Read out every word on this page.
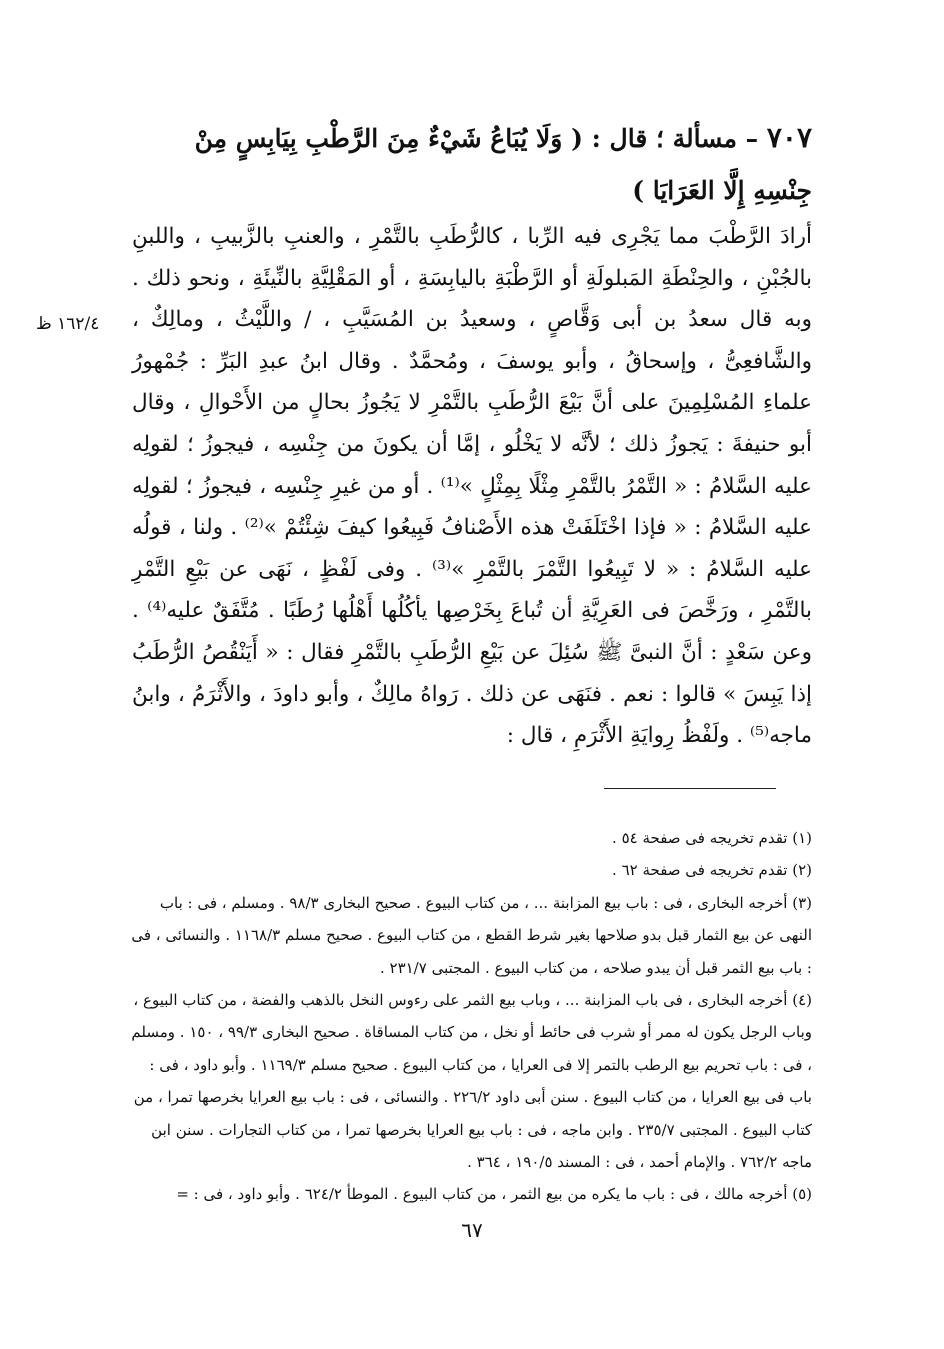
٧٠٧ – مسألة ؛ قال : ( وَلَا يُبَاعُ شَيْءٌ مِنَ الرَّطْبِ بِيَابِسٍ مِنْ جِنْسِهِ إِلَّا العَرَايَا )
١٦٢/٤ ظ

أرادَ الرَّطْبَ مما يَجْرِى فيه الرِّبا ، كالرُّطَبِ بالتَّمْرِ ، والعنبِ بالزَّبيبِ ، واللبنِ بالجُبْنِ ، والحِنْطَةِ المَبلولَةِ أو الرَّطْبَةِ باليابِسَةِ ، أو المَقْلِيَّةِ بالنِّيئَةِ ، ونحو ذلك . وبه قال سعدُ بن أبى وَقَّاصٍ ، وسعيدُ بن المُسَيَّبِ ، / واللَّيْثُ ، ومالِكٌ ، والشَّافعِىُّ ، وإسحاقُ ، وأبو يوسفَ ، ومُحمَّدٌ . وقال ابنُ عبدِ البَرِّ : جُمْهورُ علماءِ المُسْلِمِينَ على أنَّ بَيْعَ الرُّطَبِ بالتَّمْرِ لا يَجُوزُ بحالٍ من الأَحْوالِ ، وقال أبو حنيفةَ : يَجوزُ ذلك ؛ لأنَّه لا يَخْلُو ، إمَّا أن يكونَ من جِنْسِه ، فيجوزُ ؛ لقولِه عليه السَّلامُ : « التَّمْرُ بالتَّمْرِ مِثْلًا بِمِثْلٍ »⁽¹⁾ . أو من غيرِ جِنْسِه ، فيجوزُ ؛ لقولِه عليه السَّلامُ : « فإذا اخْتَلَفَتْ هذه الأَصْنافُ فَبِيعُوا كيفَ شِئْتُمْ »⁽²⁾ . ولنا ، قولُه عليه السَّلامُ : « لا تَبِيعُوا التَّمْرَ بالتَّمْرِ »⁽³⁾ . وفى لَفْظٍ ، نَهَى عن بَيْعِ التَّمْرِ بالتَّمْرِ ، ورَخَّصَ فى العَرِيَّةِ أن تُباعَ بِخَرْصِها يأكُلُها أَهْلُها رُطَبًا . مُتَّفَقٌ عليه⁽⁴⁾ . وعن سَعْدٍ : أنَّ النبىَّ ﷺ سُئِلَ عن بَيْعِ الرُّطَبِ بالتَّمْرِ فقال : « أَيَنْقُصُ الرُّطَبُ إذا يَبِسَ » قالوا : نعم . فنَهَى عن ذلك . رَواهُ مالِكٌ ، وأبو داودَ ، والأَثْرَمُ ، وابنُ ماجه⁽⁵⁾ . ولَفْظُ رِوايَةِ الأَثْرَمِ ، قال :

(١) تقدم تخريجه فى صفحة ٥٤ .

(٢) تقدم تخريجه فى صفحة ٦٢ .

(٣) أخرجه البخارى ، فى : باب بيع المزابنة ... ، من كتاب البيوع . صحيح البخارى ٩٨/٣ . ومسلم ، فى : باب النهى عن بيع الثمار قبل بدو صلاحها بغير شرط القطع ، من كتاب البيوع . صحيح مسلم ١١٦٨/٣ . والنسائى ، فى : باب بيع الثمر قبل أن يبدو صلاحه ، من كتاب البيوع . المجتبى ٢٣١/٧ .

(٤) أخرجه البخارى ، فى باب المزابنة ... ، وباب بيع الثمر على رءوس النخل بالذهب والفضة ، من كتاب البيوع ، وباب الرجل يكون له ممر أو شرب فى حائط أو نخل ، من كتاب المساقاة . صحيح البخارى ٩٩/٣ ، ١٥٠ . ومسلم ، فى : باب تحريم بيع الرطب بالتمر إلا فى العرايا ، من كتاب البيوع . صحيح مسلم ١١٦٩/٣ . وأبو داود ، فى : باب فى بيع العرايا ، من كتاب البيوع . سنن أبى داود ٢٢٦/٢ . والنسائى ، فى : باب بيع العرايا بخرصها تمرا ، من كتاب البيوع . المجتبى ٢٣٥/٧ . وابن ماجه ، فى : باب بيع العرايا بخرصها تمرا ، من كتاب التجارات . سنن ابن ماجه ٧٦٢/٢ . والإمام أحمد ، فى : المسند ١٩٠/٥ ، ٣٦٤ .

(٥) أخرجه مالك ، فى : باب ما يكره من بيع الثمر ، من كتاب البيوع . الموطأ ٦٢٤/٢ . وأبو داود ، فى : =

٦٧
